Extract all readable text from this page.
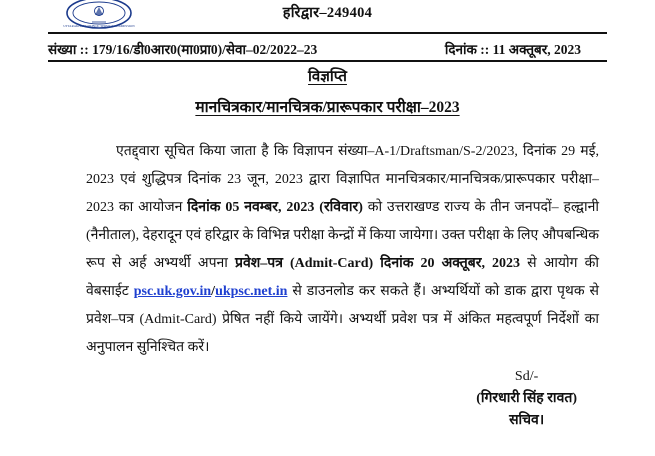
UTTARAKHAND PUBLIC SERVICE COMMISSION
हरिद्वार–249404
संख्या :: 179/16/डी0आर0(मा0प्रा0)/सेवा–02/2022–23	दिनांक :: 11 अक्तूबर, 2023
विज्ञप्ति
मानचित्रकार/मानचित्रक/प्रारूपकार परीक्षा–2023

एतद्द्वारा सूचित किया जाता है कि विज्ञापन संख्या–A-1/Draftsman/S-2/2023, दिनांक 29 मई, 2023 एवं शुद्धिपत्र दिनांक 23 जून, 2023 द्वारा विज्ञापित मानचित्रकार/मानचित्रक/प्रारूपकार परीक्षा–2023 का आयोजन दिनांक 05 नवम्बर, 2023 (रविवार) को उत्तराखण्ड राज्य के तीन जनपदों– हल्द्वानी (नैनीताल), देहरादून एवं हरिद्वार के विभिन्न परीक्षा केन्द्रों में किया जायेगा। उक्त परीक्षा के लिए औपबन्धिक रूप से अर्ह अभ्यर्थी अपना प्रवेश–पत्र (Admit-Card) दिनांक 20 अक्तूबर, 2023 से आयोग की वेबसाईट psc.uk.gov.in/ukpsc.net.in से डाउनलोड कर सकते हैं। अभ्यर्थियों को डाक द्वारा पृथक से प्रवेश–पत्र (Admit-Card) प्रेषित नहीं किये जायेंगे। अभ्यर्थी प्रवेश पत्र में अंकित महत्वपूर्ण निर्देशों का अनुपालन सुनिश्चित करें।

Sd/-
(गिरधारी सिंह रावत)
सचिव।
